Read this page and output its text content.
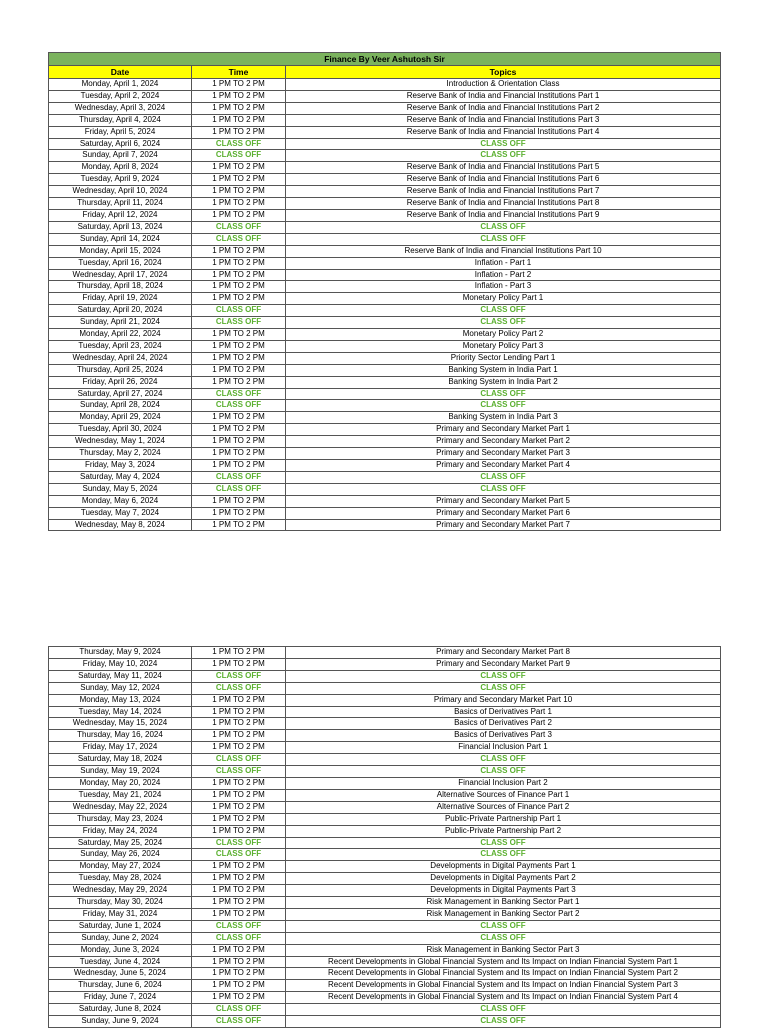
Finance By Veer Ashutosh Sir		
Date	Time	Topics
Monday, April 1, 2024	1 PM TO 2 PM	Introduction & Orientation Class
Tuesday, April 2, 2024	1 PM TO 2 PM	Reserve Bank of India and Financial Institutions Part 1
Wednesday, April 3, 2024	1 PM TO 2 PM	Reserve Bank of India and Financial Institutions Part 2
Thursday, April 4, 2024	1 PM TO 2 PM	Reserve Bank of India and Financial Institutions Part 3
Friday, April 5, 2024	1 PM TO 2 PM	Reserve Bank of India and Financial Institutions Part 4
Saturday, April 6, 2024	CLASS OFF	CLASS OFF
Sunday, April 7, 2024	CLASS OFF	CLASS OFF
Monday, April 8, 2024	1 PM TO 2 PM	Reserve Bank of India and Financial Institutions Part 5
Tuesday, April 9, 2024	1 PM TO 2 PM	Reserve Bank of India and Financial Institutions Part 6
Wednesday, April 10, 2024	1 PM TO 2 PM	Reserve Bank of India and Financial Institutions Part 7
Thursday, April 11, 2024	1 PM TO 2 PM	Reserve Bank of India and Financial Institutions Part 8
Friday, April 12, 2024	1 PM TO 2 PM	Reserve Bank of India and Financial Institutions Part 9
Saturday, April 13, 2024	CLASS OFF	CLASS OFF
Sunday, April 14, 2024	CLASS OFF	CLASS OFF
Monday, April 15, 2024	1 PM TO 2 PM	Reserve Bank of India and Financial Institutions Part 10
Tuesday, April 16, 2024	1 PM TO 2 PM	Inflation - Part 1
Wednesday, April 17, 2024	1 PM TO 2 PM	Inflation - Part 2
Thursday, April 18, 2024	1 PM TO 2 PM	Inflation - Part 3
Friday, April 19, 2024	1 PM TO 2 PM	Monetary Policy Part 1
Saturday, April 20, 2024	CLASS OFF	CLASS OFF
Sunday, April 21, 2024	CLASS OFF	CLASS OFF
Monday, April 22, 2024	1 PM TO 2 PM	Monetary Policy Part 2
Tuesday, April 23, 2024	1 PM TO 2 PM	Monetary Policy Part 3
Wednesday, April 24, 2024	1 PM TO 2 PM	Priority Sector Lending Part 1
Thursday, April 25, 2024	1 PM TO 2 PM	Banking System in India Part 1
Friday, April 26, 2024	1 PM TO 2 PM	Banking System in India Part 2
Saturday, April 27, 2024	CLASS OFF	CLASS OFF
Sunday, April 28, 2024	CLASS OFF	CLASS OFF
Monday, April 29, 2024	1 PM TO 2 PM	Banking System in India Part 3
Tuesday, April 30, 2024	1 PM TO 2 PM	Primary and Secondary Market Part 1
Wednesday, May 1, 2024	1 PM TO 2 PM	Primary and Secondary Market Part 2
Thursday, May 2, 2024	1 PM TO 2 PM	Primary and Secondary Market Part 3
Friday, May 3, 2024	1 PM TO 2 PM	Primary and Secondary Market Part 4
Saturday, May 4, 2024	CLASS OFF	CLASS OFF
Sunday, May 5, 2024	CLASS OFF	CLASS OFF
Monday, May 6, 2024	1 PM TO 2 PM	Primary and Secondary Market Part 5
Tuesday, May 7, 2024	1 PM TO 2 PM	Primary and Secondary Market Part 6
Wednesday, May 8, 2024	1 PM TO 2 PM	Primary and Secondary Market Part 7
Thursday, May 9, 2024	1 PM TO 2 PM	Primary and Secondary Market Part 8
Friday, May 10, 2024	1 PM TO 2 PM	Primary and Secondary Market Part 9
Saturday, May 11, 2024	CLASS OFF	CLASS OFF
Sunday, May 12, 2024	CLASS OFF	CLASS OFF
Monday, May 13, 2024	1 PM TO 2 PM	Primary and Secondary Market Part 10
Tuesday, May 14, 2024	1 PM TO 2 PM	Basics of Derivatives Part 1
Wednesday, May 15, 2024	1 PM TO 2 PM	Basics of Derivatives Part 2
Thursday, May 16, 2024	1 PM TO 2 PM	Basics of Derivatives Part 3
Friday, May 17, 2024	1 PM TO 2 PM	Financial Inclusion Part 1
Saturday, May 18, 2024	CLASS OFF	CLASS OFF
Sunday, May 19, 2024	CLASS OFF	CLASS OFF
Monday, May 20, 2024	1 PM TO 2 PM	Financial Inclusion Part 2
Tuesday, May 21, 2024	1 PM TO 2 PM	Alternative Sources of Finance Part 1
Wednesday, May 22, 2024	1 PM TO 2 PM	Alternative Sources of Finance Part 2
Thursday, May 23, 2024	1 PM TO 2 PM	Public-Private Partnership Part 1
Friday, May 24, 2024	1 PM TO 2 PM	Public-Private Partnership Part 2
Saturday, May 25, 2024	CLASS OFF	CLASS OFF
Sunday, May 26, 2024	CLASS OFF	CLASS OFF
Monday, May 27, 2024	1 PM TO 2 PM	Developments in Digital Payments Part 1
Tuesday, May 28, 2024	1 PM TO 2 PM	Developments in Digital Payments Part 2
Wednesday, May 29, 2024	1 PM TO 2 PM	Developments in Digital Payments Part 3
Thursday, May 30, 2024	1 PM TO 2 PM	Risk Management in Banking Sector Part 1
Friday, May 31, 2024	1 PM TO 2 PM	Risk Management in Banking Sector Part 2
Saturday, June 1, 2024	CLASS OFF	CLASS OFF
Sunday, June 2, 2024	CLASS OFF	CLASS OFF
Monday, June 3, 2024	1 PM TO 2 PM	Risk Management in Banking Sector Part 3
Tuesday, June 4, 2024	1 PM TO 2 PM	Recent Developments in Global Financial System and Its Impact on Indian Financial System Part 1
Wednesday, June 5, 2024	1 PM TO 2 PM	Recent Developments in Global Financial System and Its Impact on Indian Financial System Part 2
Thursday, June 6, 2024	1 PM TO 2 PM	Recent Developments in Global Financial System and Its Impact on Indian Financial System Part 3
Friday, June 7, 2024	1 PM TO 2 PM	Recent Developments in Global Financial System and Its Impact on Indian Financial System Part 4
Saturday, June 8, 2024	CLASS OFF	CLASS OFF
Sunday, June 9, 2024	CLASS OFF	CLASS OFF
